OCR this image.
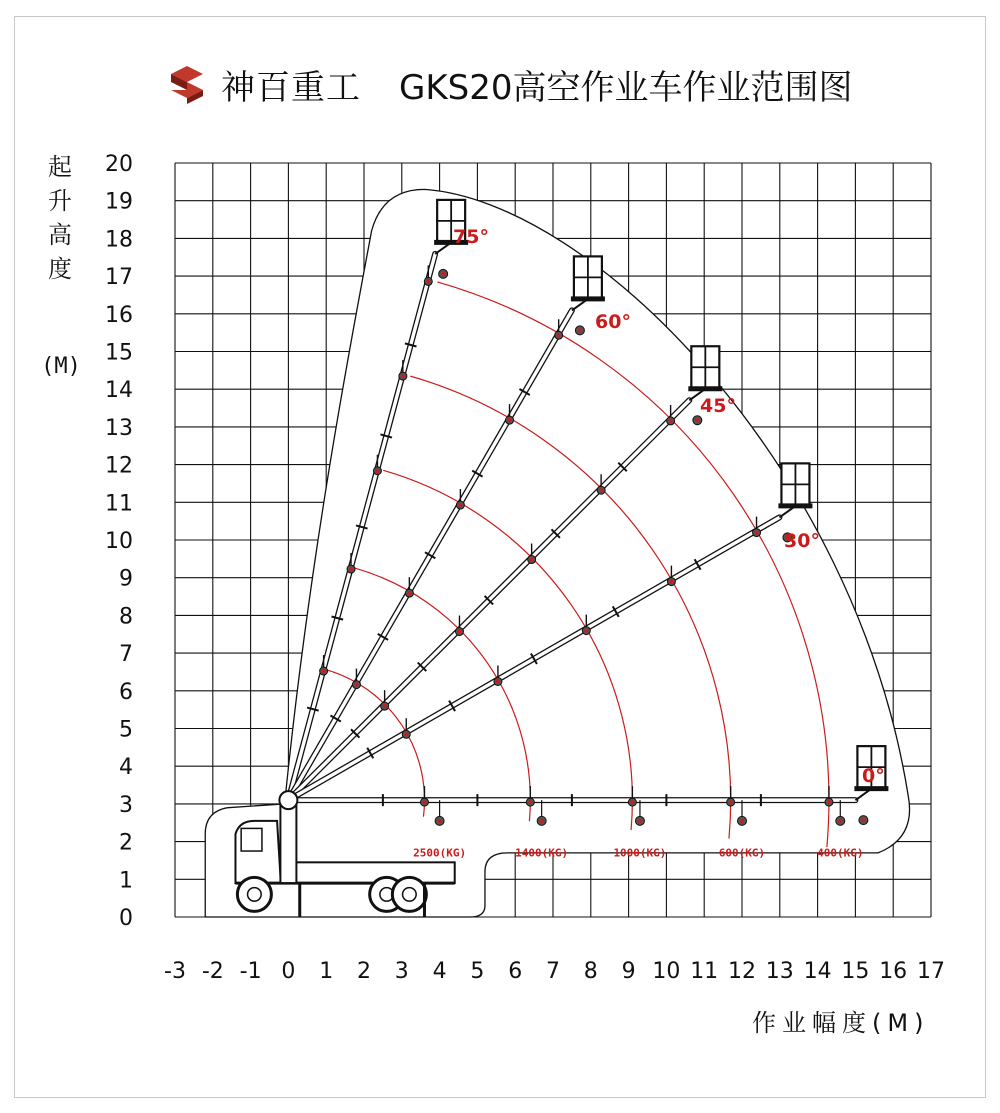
神百重工 GKS20高空作业车作业范围图
起
升
高
度
(M)
作业幅度(M)
-3 -2 -1 0 1 2 3 4 5 6 7 8 9 10 11 12 13 14 15 16 17
0
1
2
3
4
5
6
7
8
9
10
11
12
13
14
15
16
17
18
19
20
75°
60°
45°
30°
0°
2500(KG)	1400(KG)	1000(KG)	600(KG)	400(KG)
